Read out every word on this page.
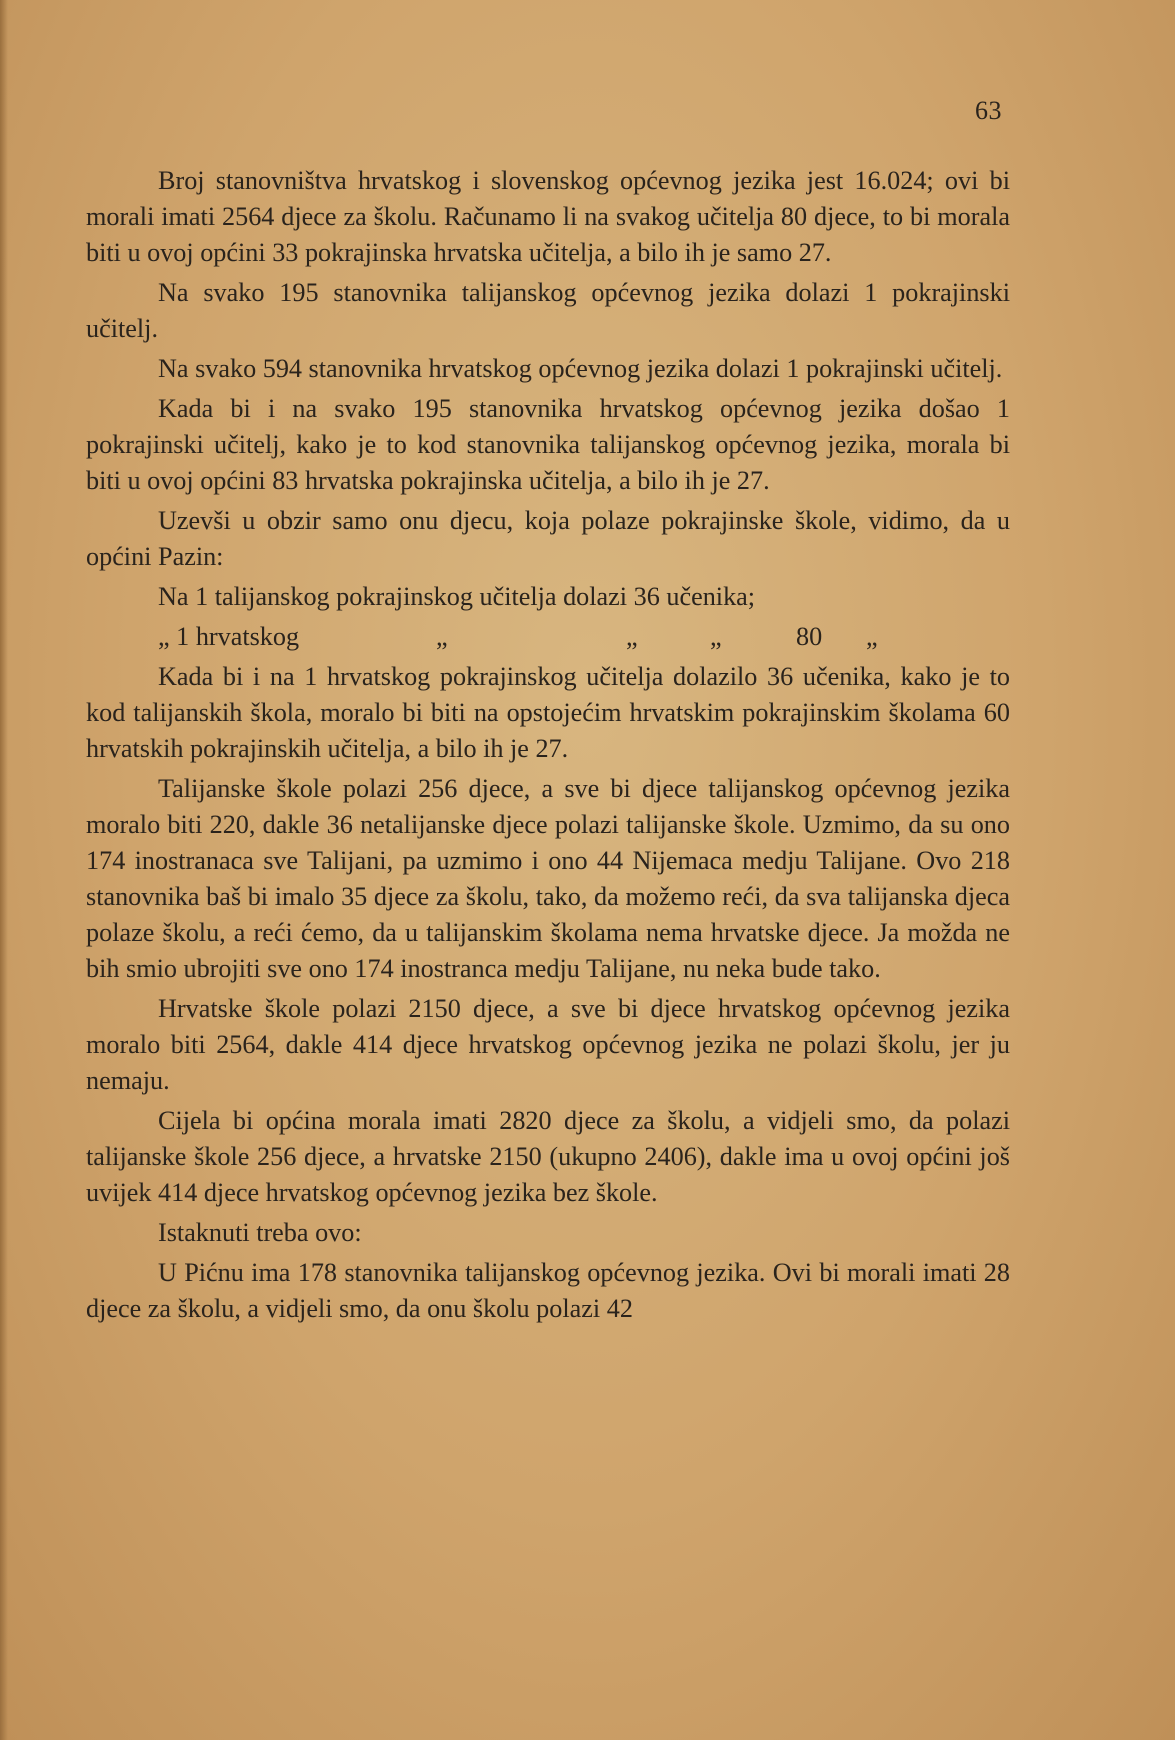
63

Broj stanovništva hrvatskog i slovenskog općevnog jezika jest 16.024; ovi bi morali imati 2564 djece za školu. Računamo li na svakog učitelja 80 djece, to bi morala biti u ovoj općini 33 pokrajinska hrvatska učitelja, a bilo ih je samo 27.

Na svako 195 stanovnika talijanskog općevnog jezika dolazi 1 pokrajinski učitelj.

Na svako 594 stanovnika hrvatskog općevnog jezika dolazi 1 pokrajinski učitelj.

Kada bi i na svako 195 stanovnika hrvatskog općevnog jezika došao 1 pokrajinski učitelj, kako je to kod stanovnika talijanskog općevnog jezika, morala bi biti u ovoj općini 83 hrvatska pokrajinska učitelja, a bilo ih je 27.

Uzevši u obzir samo onu djecu, koja polaze pokrajinske škole, vidimo, da u općini Pazin:

Na 1 talijanskog pokrajinskog učitelja dolazi 36 učenika;
„ 1 hrvatskog	„	„	„	80	„

Kada bi i na 1 hrvatskog pokrajinskog učitelja dolazilo 36 učenika, kako je to kod talijanskih škola, moralo bi biti na opstojećim hrvatskim pokrajinskim školama 60 hrvatskih pokrajinskih učitelja, a bilo ih je 27.

Talijanske škole polazi 256 djece, a sve bi djece talijanskog općevnog jezika moralo biti 220, dakle 36 netalijanske djece polazi talijanske škole. Uzmimo, da su ono 174 inostranaca sve Talijani, pa uzmimo i ono 44 Nijemaca medju Talijane. Ovo 218 stanovnika baš bi imalo 35 djece za školu, tako, da možemo reći, da sva talijanska djeca polaze školu, a reći ćemo, da u talijanskim školama nema hrvatske djece. Ja možda ne bih smio ubrojiti sve ono 174 inostranca medju Talijane, nu neka bude tako.

Hrvatske škole polazi 2150 djece, a sve bi djece hrvatskog općevnog jezika moralo biti 2564, dakle 414 djece hrvatskog općevnog jezika ne polazi školu, jer ju nemaju.

Cijela bi općina morala imati 2820 djece za školu, a vidjeli smo, da polazi talijanske škole 256 djece, a hrvatske 2150 (ukupno 2406), dakle ima u ovoj općini još uvijek 414 djece hrvatskog općevnog jezika bez škole.

Istaknuti treba ovo:

U Pićnu ima 178 stanovnika talijanskog općevnog jezika. Ovi bi morali imati 28 djece za školu, a vidjeli smo, da onu školu polazi 42
